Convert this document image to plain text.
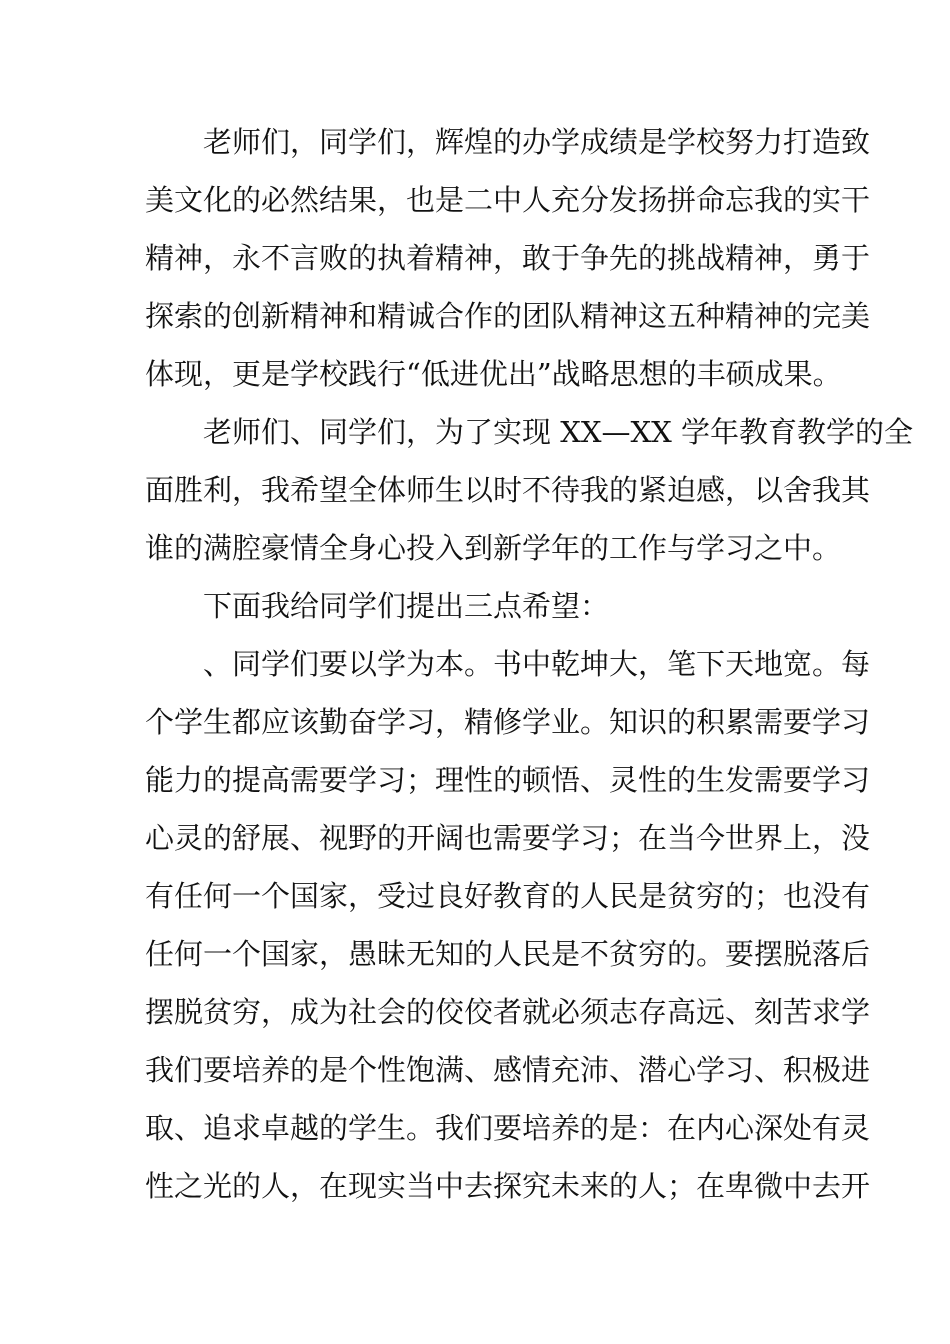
　　老师们，同学们，辉煌的办学成绩是学校努力打造致
美文化的必然结果，也是二中人充分发扬拼命忘我的实干
精神，永不言败的执着精神，敢于争先的挑战精神，勇于
探索的创新精神和精诚合作的团队精神这五种精神的完美
体现，更是学校践行“低进优出”战略思想的丰硕成果。
　　老师们、同学们，为了实现 XX—XX 学年教育教学的全
面胜利，我希望全体师生以时不待我的紧迫感，以舍我其
谁的满腔豪情全身心投入到新学年的工作与学习之中。
　　下面我给同学们提出三点希望：
　　、同学们要以学为本。书中乾坤大，笔下天地宽。每
个学生都应该勤奋学习，精修学业。知识的积累需要学习
能力的提高需要学习；理性的顿悟、灵性的生发需要学习
心灵的舒展、视野的开阔也需要学习；在当今世界上，没
有任何一个国家，受过良好教育的人民是贫穷的；也没有
任何一个国家，愚昧无知的人民是不贫穷的。要摆脱落后
摆脱贫穷，成为社会的佼佼者就必须志存高远、刻苦求学
我们要培养的是个性饱满、感情充沛、潜心学习、积极进
取、追求卓越的学生。我们要培养的是：在内心深处有灵
性之光的人，在现实当中去探究未来的人；在卑微中去开
